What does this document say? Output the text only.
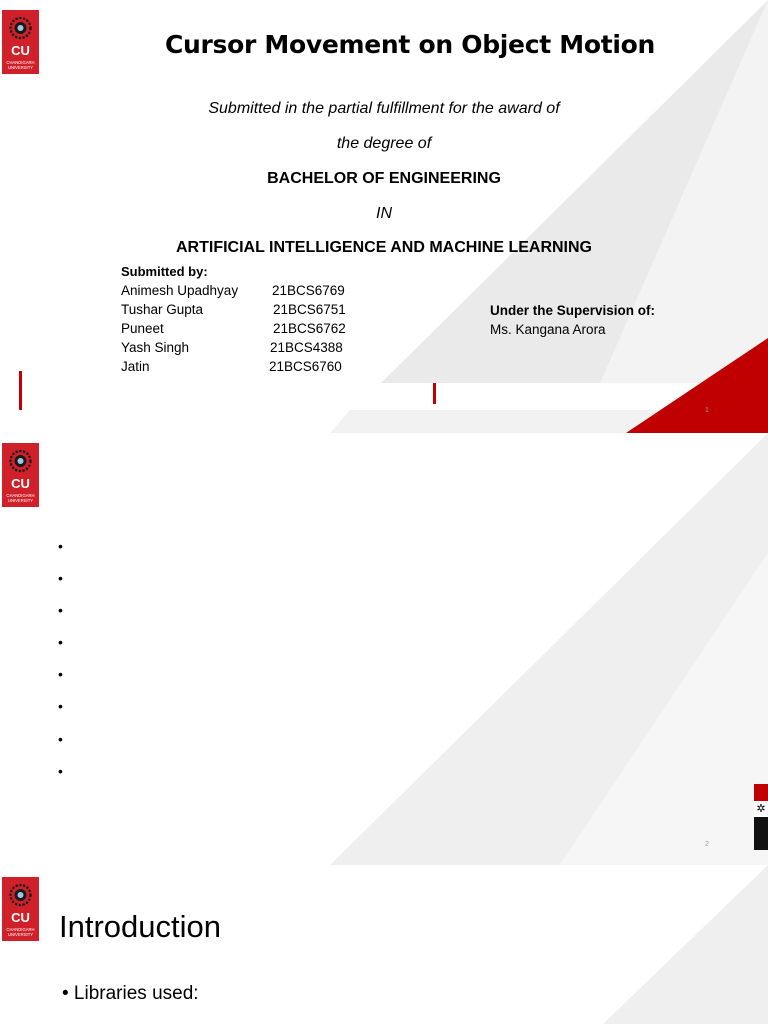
CU
CHANDIGARH
UNIVERSITY
Cursor Movement on Object Motion
Submitted in the partial fulfillment for the award of
the degree of
BACHELOR OF ENGINEERING
IN
ARTIFICIAL INTELLIGENCE AND MACHINE LEARNING
Submitted by:
Animesh Upadhyay	21BCS6769
Tushar Gupta	21BCS6751
Puneet	21BCS6762
Yash Singh	21BCS4388
Jatin	21BCS6760
Under the Supervision of:
Ms. Kangana Arora
1
CU
CHANDIGARH
UNIVERSITY
•
•
•
•
•
•
•
•
✲
2
CU
CHANDIGARH
UNIVERSITY Introduction
• Libraries used:
